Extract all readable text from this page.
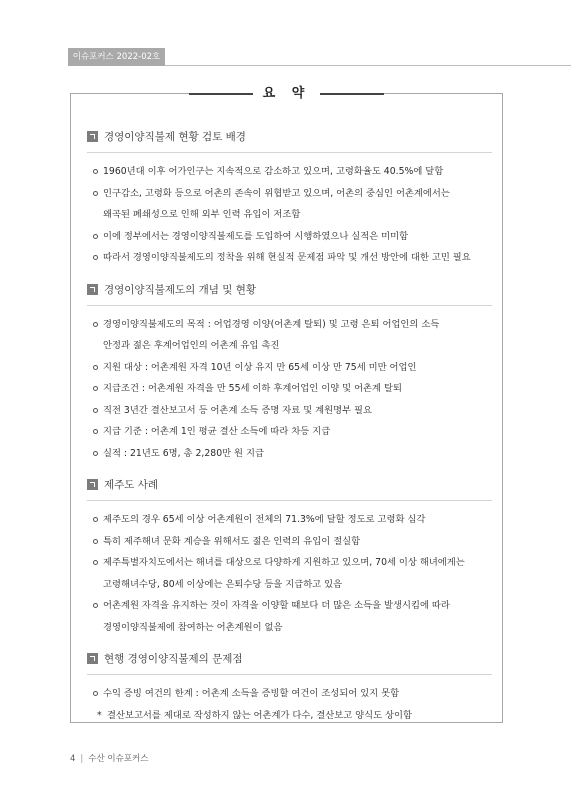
이슈포커스 2022-02호
요 약
경영이양직불제 현황 검토 배경
1960년대 이후 어가인구는 지속적으로 감소하고 있으며, 고령화율도 40.5%에 달함
인구감소, 고령화 등으로 어촌의 존속이 위협받고 있으며, 어촌의 중심인 어촌계에서는
왜곡된 폐쇄성으로 인해 외부 인력 유입이 저조함
이에 정부에서는 경영이양직불제도를 도입하여 시행하였으나 실적은 미미함
따라서 경영이양직불제도의 정착을 위해 현실적 문제점 파악 및 개선 방안에 대한 고민 필요
경영이양직불제도의 개념 및 현황
경영이양직불제도의 목적 : 어업경영 이양(어촌계 탈퇴) 및 고령 은퇴 어업인의 소득
안정과 젊은 후계어업인의 어촌계 유입 촉진
지원 대상 : 어촌계원 자격 10년 이상 유지 만 65세 이상 만 75세 미만 어업인
지급조건 : 어촌계원 자격을 만 55세 이하 후계어업인 이양 및 어촌계 탈퇴
직전 3년간 결산보고서 등 어촌계 소득 증명 자료 및 계원명부 필요
지급 기준 : 어촌계 1인 평균 결산 소득에 따라 차등 지급
실적 : 21년도 6명, 총 2,280만 원 지급
제주도 사례
제주도의 경우 65세 이상 어촌계원이 전체의 71.3%에 달할 정도로 고령화 심각
특히 제주해녀 문화 계승을 위해서도 젊은 인력의 유입이 절실함
제주특별자치도에서는 해녀를 대상으로 다양하게 지원하고 있으며, 70세 이상 해녀에게는
고령해녀수당, 80세 이상에는 은퇴수당 등을 지급하고 있음
어촌계원 자격을 유지하는 것이 자격을 이양할 때보다 더 많은 소득을 발생시킴에 따라
경영이양직불제에 참여하는 어촌계원이 없음
현행 경영이양직불제의 문제점
수익 증빙 여건의 한계 : 어촌계 소득을 증빙할 여건이 조성되어 있지 못함
* 결산보고서를 제대로 작성하지 않는 어촌계가 다수, 결산보고 양식도 상이함
4 | 수산 이슈포커스
